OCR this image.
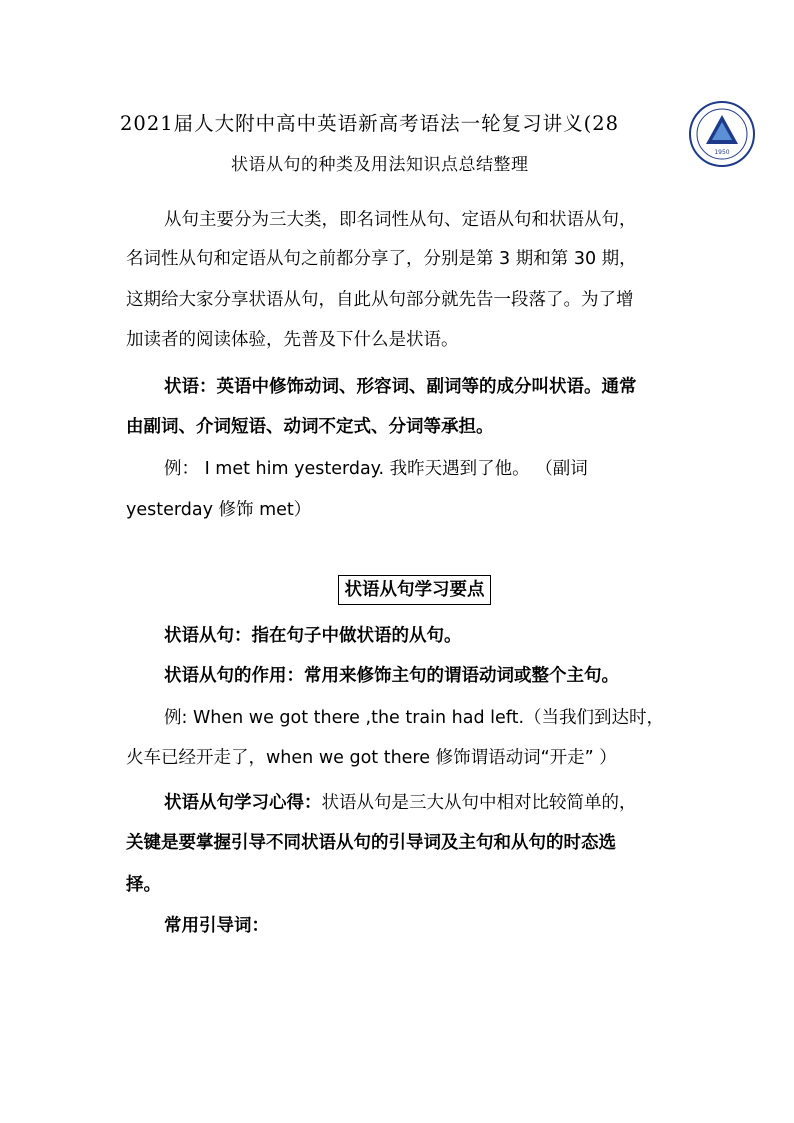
2021届人大附中高中英语新高考语法一轮复习讲义(28
1950
状语从句的种类及用法知识点总结整理
从句主要分为三大类，即名词性从句、定语从句和状语从句，
名词性从句和定语从句之前都分享了，分别是第 3 期和第 30 期，
这期给大家分享状语从句，自此从句部分就先告一段落了。为了增
加读者的阅读体验，先普及下什么是状语。
状语：英语中修饰动词、形容词、副词等的成分叫状语。通常
由副词、介词短语、动词不定式、分词等承担。
例： I met him yesterday. 我昨天遇到了他。 （副词
yesterday 修饰 met）
状语从句学习要点
状语从句：指在句子中做状语的从句。
状语从句的作用：常用来修饰主句的谓语动词或整个主句。
例: When we got there ,the train had left.（当我们到达时，
火车已经开走了，when we got there 修饰谓语动词“开走” ）
状语从句学习心得：状语从句是三大从句中相对比较简单的，
关键是要掌握引导不同状语从句的引导词及主句和从句的时态选
择。
常用引导词：
